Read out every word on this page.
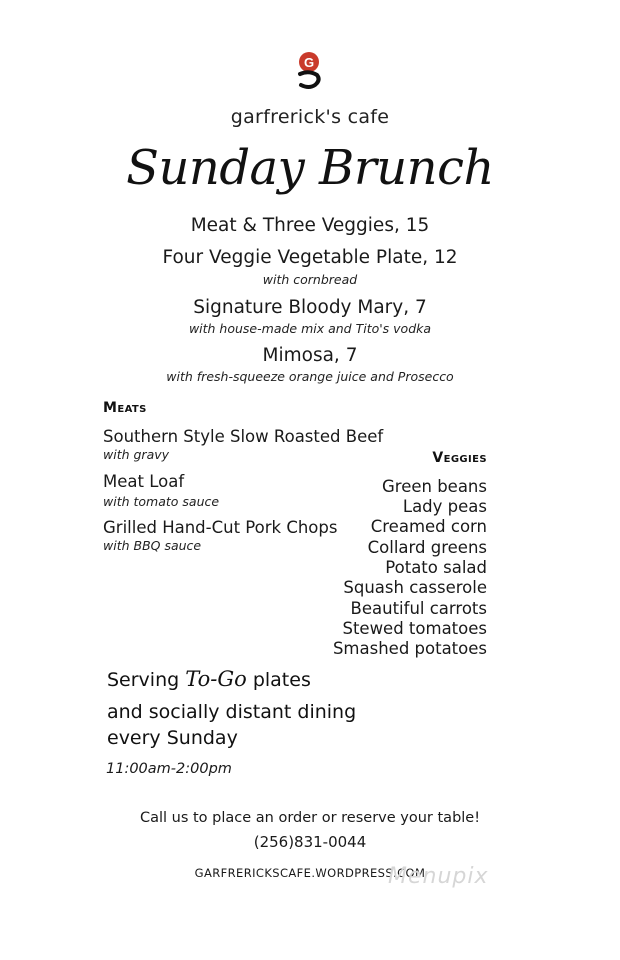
G
garfrerick's cafe
Sunday Brunch
Meat & Three Veggies, 15
Four Veggie Vegetable Plate, 12
with cornbread
Signature Bloody Mary, 7
with house-made mix and Tito's vodka
Mimosa, 7
with fresh-squeeze orange juice and Prosecco
Meats
Southern Style Slow Roasted Beef
with gravy
Meat Loaf
with tomato sauce
Grilled Hand-Cut Pork Chops
with BBQ sauce
Veggies
Green beans
Lady peas
Creamed corn
Collard greens
Potato salad
Squash casserole
Beautiful carrots
Stewed tomatoes
Smashed potatoes
Serving To-Go plates
and socially distant dining
every Sunday
11:00am-2:00pm
Call us to place an order or reserve your table!
(256)831-0044
GARFRERICKSCAFE.WORDPRESS.COM
Menupix
